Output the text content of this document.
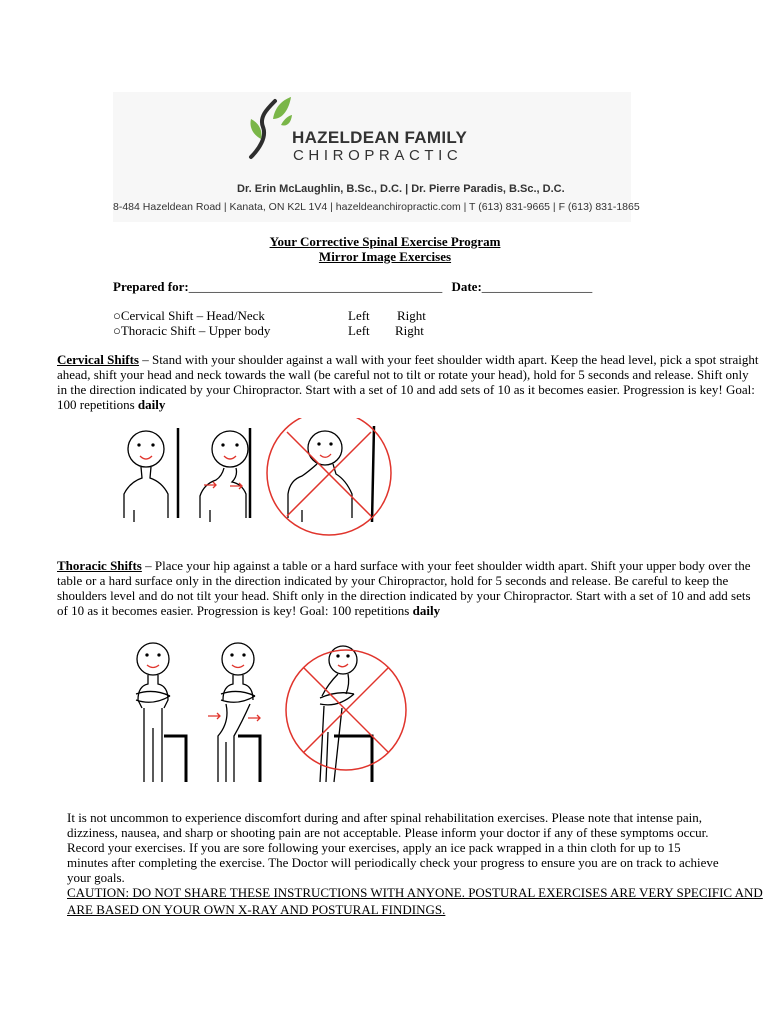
HAZELDEAN FAMILY
CHIROPRACTIC
Dr. Erin McLaughlin, B.Sc., D.C. | Dr. Pierre Paradis, B.Sc., D.C.
8-484 Hazeldean Road | Kanata, ON K2L 1V4 | hazeldeanchiropractic.com | T (613) 831-9665 | F (613) 831-1865
Your Corrective Spinal Exercise Program
Mirror Image Exercises
Prepared for:_______________________________________ Date:_________________
○Cervical Shift – Head/Neck	Left Right
○Thoracic Shift – Upper body	Left Right
Cervical Shifts – Stand with your shoulder against a wall with your feet shoulder width apart. Keep the head level, pick a spot straight ahead, shift your head and neck towards the wall (be careful not to tilt or rotate your head), hold for 5 seconds and release. Shift only in the direction indicated by your Chiropractor. Start with a set of 10 and add sets of 10 as it becomes easier. Progression is key! Goal: 100 repetitions daily
Thoracic Shifts – Place your hip against a table or a hard surface with your feet shoulder width apart. Shift your upper body over the table or a hard surface only in the direction indicated by your Chiropractor, hold for 5 seconds and release. Be careful to keep the shoulders level and do not tilt your head. Shift only in the direction indicated by your Chiropractor. Start with a set of 10 and add sets of 10 as it becomes easier. Progression is key! Goal: 100 repetitions daily
It is not uncommon to experience discomfort during and after spinal rehabilitation exercises. Please note that intense pain,
dizziness, nausea, and sharp or shooting pain are not acceptable. Please inform your doctor if any of these symptoms occur.
Record your exercises. If you are sore following your exercises, apply an ice pack wrapped in a thin cloth for up to 15
minutes after completing the exercise. The Doctor will periodically check your progress to ensure you are on track to achieve
your goals.
CAUTION: DO NOT SHARE THESE INSTRUCTIONS WITH ANYONE. POSTURAL EXERCISES ARE VERY SPECIFIC AND
ARE BASED ON YOUR OWN X-RAY AND POSTURAL FINDINGS.
